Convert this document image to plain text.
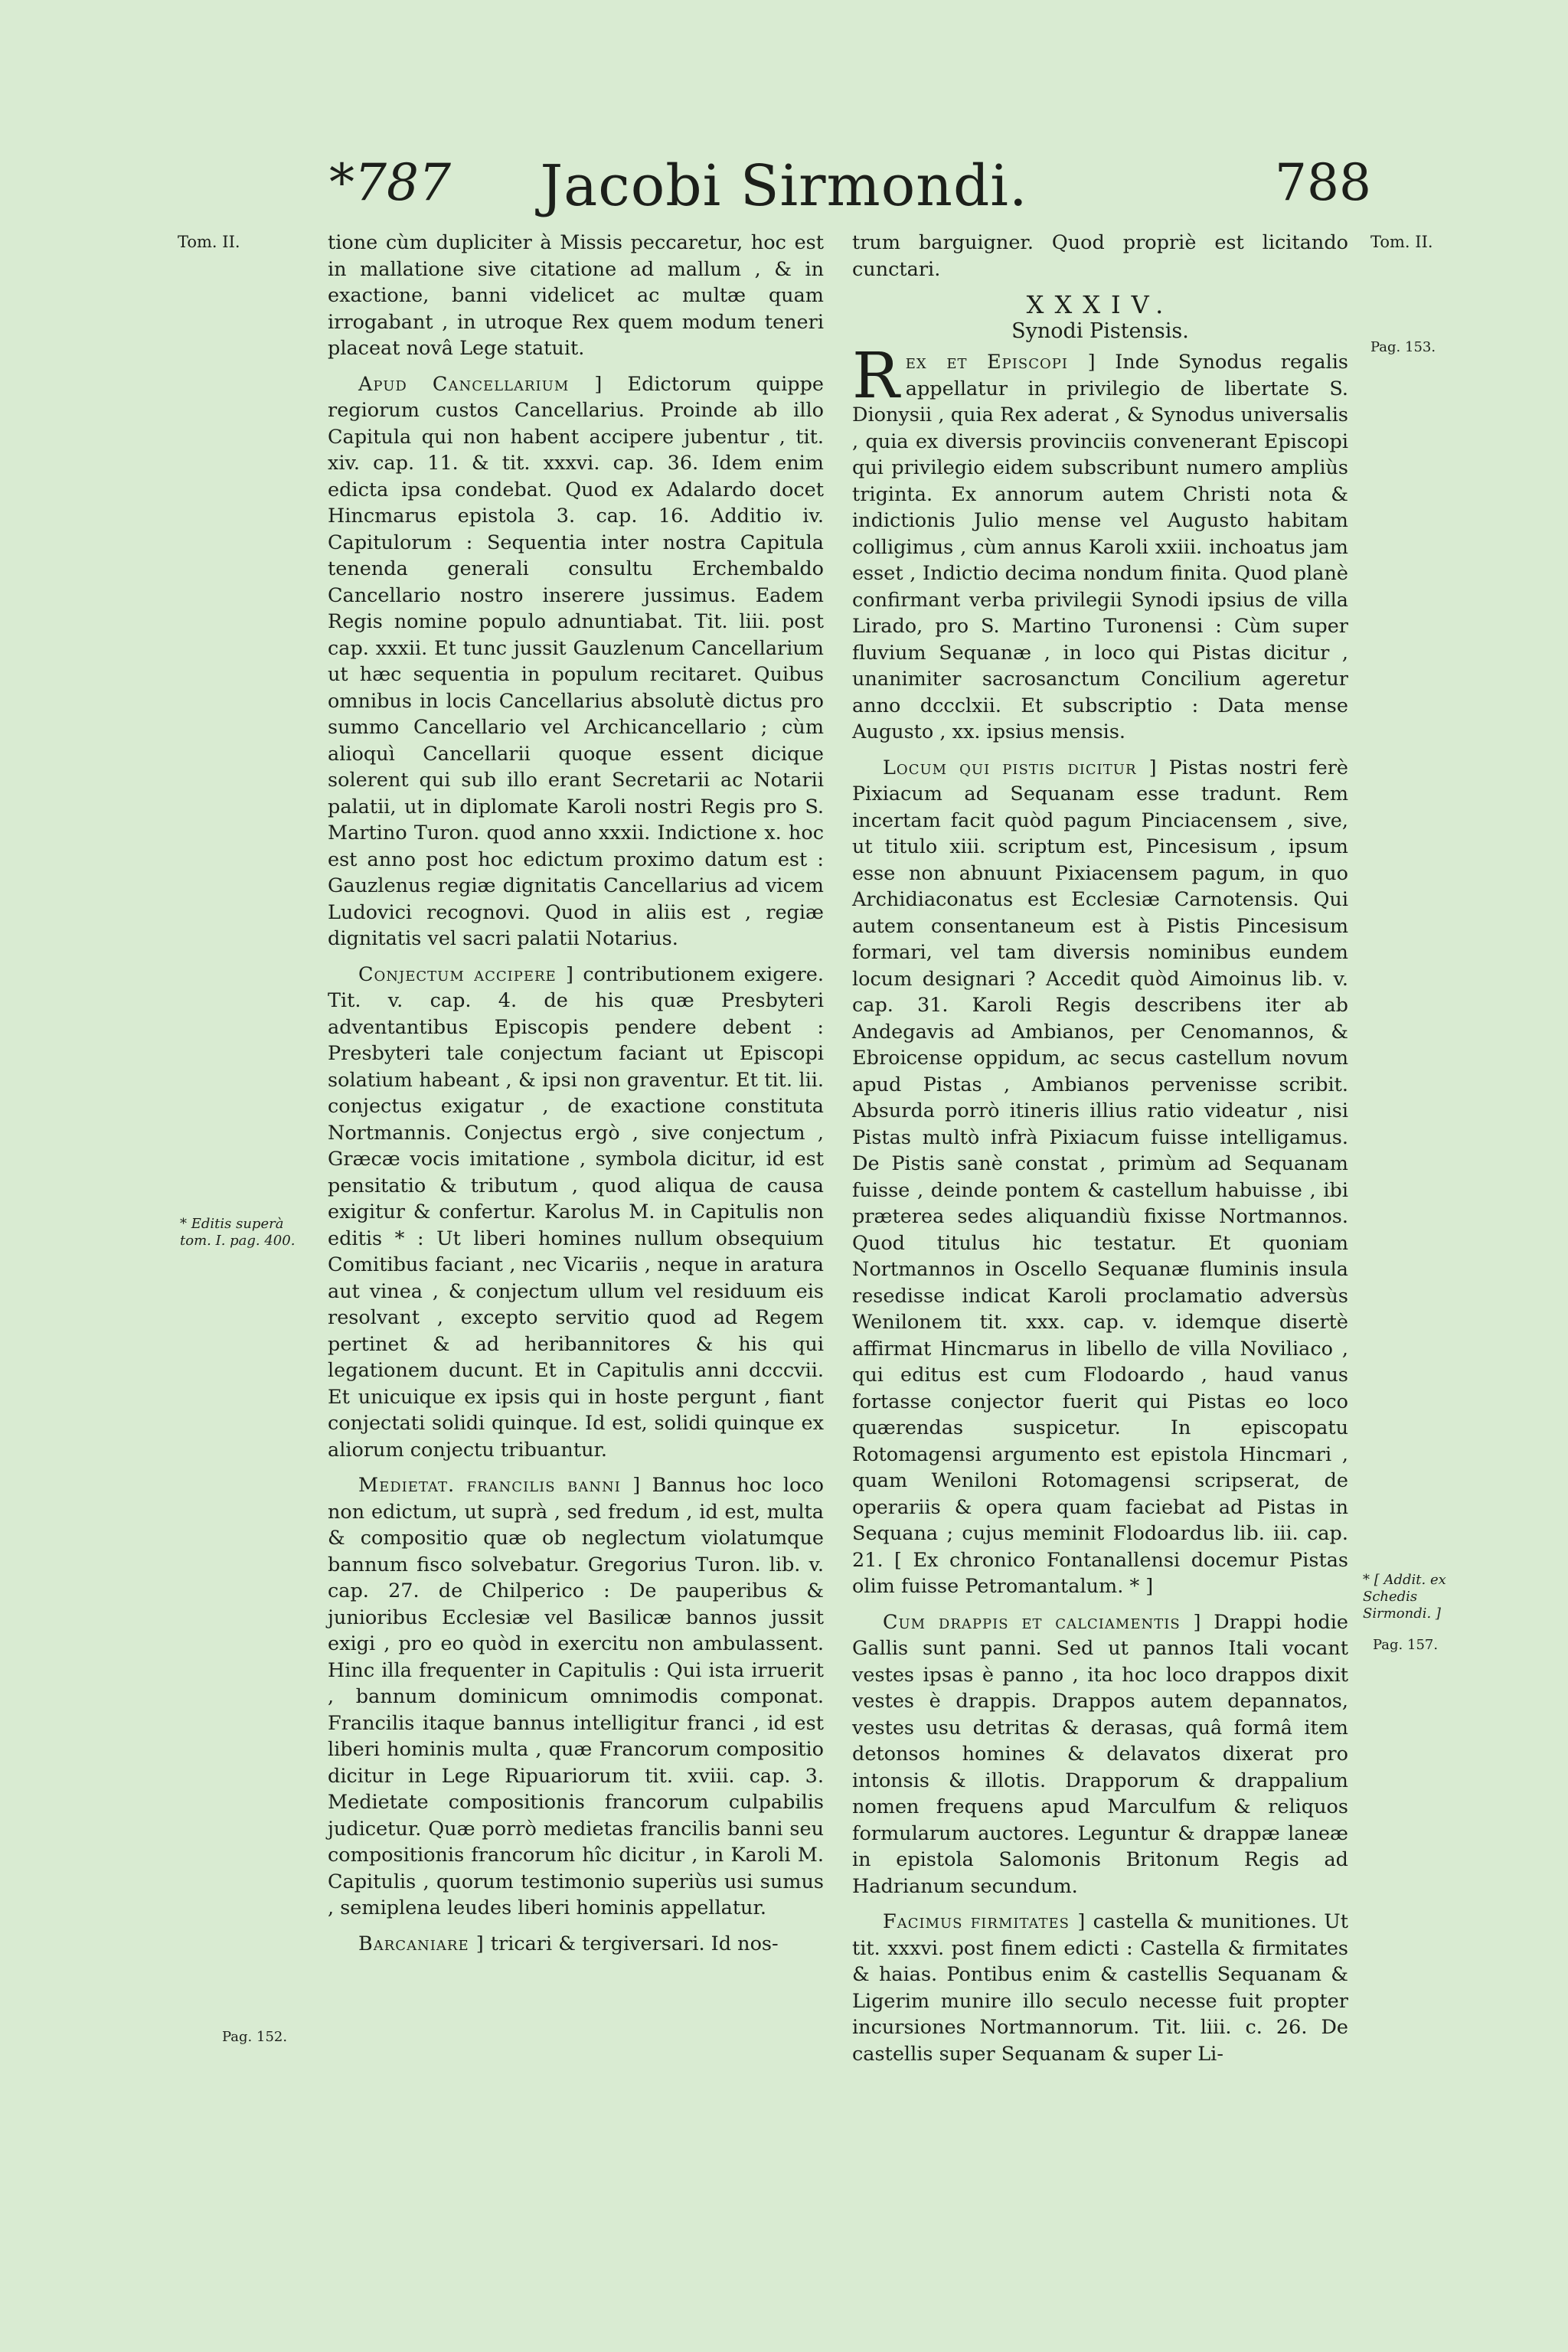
*787	Jacobi Sirmondi.	788
Tom. II.
* Editis superà tom. I. pag. 400.
Pag. 152.
Tom. II.
Pag. 153.
* [ Addit. ex Schedis Sirmondi. ]
Pag. 157.

tione cùm dupliciter à Missis peccaretur, hoc est in mallatione sive citatione ad mallum , & in exactione, banni videlicet ac multæ quam irrogabant , in utroque Rex quem modum teneri placeat novâ Lege statuit.

Apud Cancellarium ] Edictorum quippe regiorum custos Cancellarius. Proinde ab illo Capitula qui non habent accipere jubentur , tit. xiv. cap. 11. & tit. xxxvi. cap. 36. Idem enim edicta ipsa condebat. Quod ex Adalardo docet Hincmarus epistola 3. cap. 16. Additio iv. Capitulorum : Sequentia inter nostra Capitula tenenda generali consultu Erchembaldo Cancellario nostro inserere jussimus. Eadem Regis nomine populo adnuntiabat. Tit. liii. post cap. xxxii. Et tunc jussit Gauzlenum Cancellarium ut hæc sequentia in populum recitaret. Quibus omnibus in locis Cancellarius absolutè dictus pro summo Cancellario vel Archicancellario ; cùm alioquì Cancellarii quoque essent dicique solerent qui sub illo erant Secretarii ac Notarii palatii, ut in diplomate Karoli nostri Regis pro S. Martino Turon. quod anno xxxii. Indictione x. hoc est anno post hoc edictum proximo datum est : Gauzlenus regiæ dignitatis Cancellarius ad vicem Ludovici recognovi. Quod in aliis est , regiæ dignitatis vel sacri palatii Notarius.

Conjectum accipere ] contributionem exigere. Tit. v. cap. 4. de his quæ Presbyteri adventantibus Episcopis pendere debent : Presbyteri tale conjectum faciant ut Episcopi solatium habeant , & ipsi non graventur. Et tit. lii. conjectus exigatur , de exactione constituta Nortmannis. Conjectus ergò , sive conjectum , Græcæ vocis imitatione , symbola dicitur, id est pensitatio & tributum , quod aliqua de causa exigitur & confertur. Karolus M. in Capitulis non editis * : Ut liberi homines nullum obsequium Comitibus faciant , nec Vicariis , neque in aratura aut vinea , & conjectum ullum vel residuum eis resolvant , excepto servitio quod ad Regem pertinet & ad heribannitores & his qui legationem ducunt. Et in Capitulis anni dcccvii. Et unicuique ex ipsis qui in hoste pergunt , fiant conjectati solidi quinque. Id est, solidi quinque ex aliorum conjectu tribuantur.

Medietat. francilis banni ] Bannus hoc loco non edictum, ut suprà , sed fredum , id est, multa & compositio quæ ob neglectum violatumque bannum fisco solvebatur. Gregorius Turon. lib. v. cap. 27. de Chilperico : De pauperibus & junioribus Ecclesiæ vel Basilicæ bannos jussit exigi , pro eo quòd in exercitu non ambulassent. Hinc illa frequenter in Capitulis : Qui ista irruerit , bannum dominicum omnimodis componat. Francilis itaque bannus intelligitur franci , id est liberi hominis multa , quæ Francorum compositio dicitur in Lege Ripuariorum tit. xviii. cap. 3. Medietate compositionis francorum culpabilis judicetur. Quæ porrò medietas francilis banni seu compositionis francorum hîc dicitur , in Karoli M. Capitulis , quorum testimonio superiùs usi sumus , semiplena leudes liberi hominis appellatur.

Barcaniare ] tricari & tergiversari. Id nos-

trum barguigner. Quod propriè est licitando cunctari.

XXXIV.
Synodi Pistensis.

Rex et Episcopi ] Inde Synodus regalis appellatur in privilegio de libertate S. Dionysii , quia Rex aderat , & Synodus universalis , quia ex diversis provinciis convenerant Episcopi qui privilegio eidem subscribunt numero ampliùs triginta. Ex annorum autem Christi nota & indictionis Julio mense vel Augusto habitam colligimus , cùm annus Karoli xxiii. inchoatus jam esset , Indictio decima nondum finita. Quod planè confirmant verba privilegii Synodi ipsius de villa Lirado, pro S. Martino Turonensi : Cùm super fluvium Sequanæ , in loco qui Pistas dicitur , unanimiter sacrosanctum Concilium ageretur anno dccclxii. Et subscriptio : Data mense Augusto , xx. ipsius mensis.

Locum qui pistis dicitur ] Pistas nostri ferè Pixiacum ad Sequanam esse tradunt. Rem incertam facit quòd pagum Pinciacensem , sive, ut titulo xiii. scriptum est, Pincesisum , ipsum esse non abnuunt Pixiacensem pagum, in quo Archidiaconatus est Ecclesiæ Carnotensis. Qui autem consentaneum est à Pistis Pincesisum formari, vel tam diversis nominibus eundem locum designari ? Accedit quòd Aimoinus lib. v. cap. 31. Karoli Regis describens iter ab Andegavis ad Ambianos, per Cenomannos, & Ebroicense oppidum, ac secus castellum novum apud Pistas , Ambianos pervenisse scribit. Absurda porrò itineris illius ratio videatur , nisi Pistas multò infrà Pixiacum fuisse intelligamus. De Pistis sanè constat , primùm ad Sequanam fuisse , deinde pontem & castellum habuisse , ibi præterea sedes aliquandiù fixisse Nortmannos. Quod titulus hic testatur. Et quoniam Nortmannos in Oscello Sequanæ fluminis insula resedisse indicat Karoli proclamatio adversùs Wenilonem tit. xxx. cap. v. idemque disertè affirmat Hincmarus in libello de villa Noviliaco , qui editus est cum Flodoardo , haud vanus fortasse conjector fuerit qui Pistas eo loco quærendas suspicetur. In episcopatu Rotomagensi argumento est epistola Hincmari , quam Weniloni Rotomagensi scripserat, de operariis & opera quam faciebat ad Pistas in Sequana ; cujus meminit Flodoardus lib. iii. cap. 21. [ Ex chronico Fontanallensi docemur Pistas olim fuisse Petromantalum. * ]

Cum drappis et calciamentis ] Drappi hodie Gallis sunt panni. Sed ut pannos Itali vocant vestes ipsas è panno , ita hoc loco drappos dixit vestes è drappis. Drappos autem depannatos, vestes usu detritas & derasas, quâ formâ item detonsos homines & delavatos dixerat pro intonsis & illotis. Drapporum & drappalium nomen frequens apud Marculfum & reliquos formularum auctores. Leguntur & drappæ laneæ in epistola Salomonis Britonum Regis ad Hadrianum secundum.

Facimus firmitates ] castella & munitiones. Ut tit. xxxvi. post finem edicti : Castella & firmitates & haias. Pontibus enim & castellis Sequanam & Ligerim munire illo seculo necesse fuit propter incursiones Nortmannorum. Tit. liii. c. 26. De castellis super Sequanam & super Li-
